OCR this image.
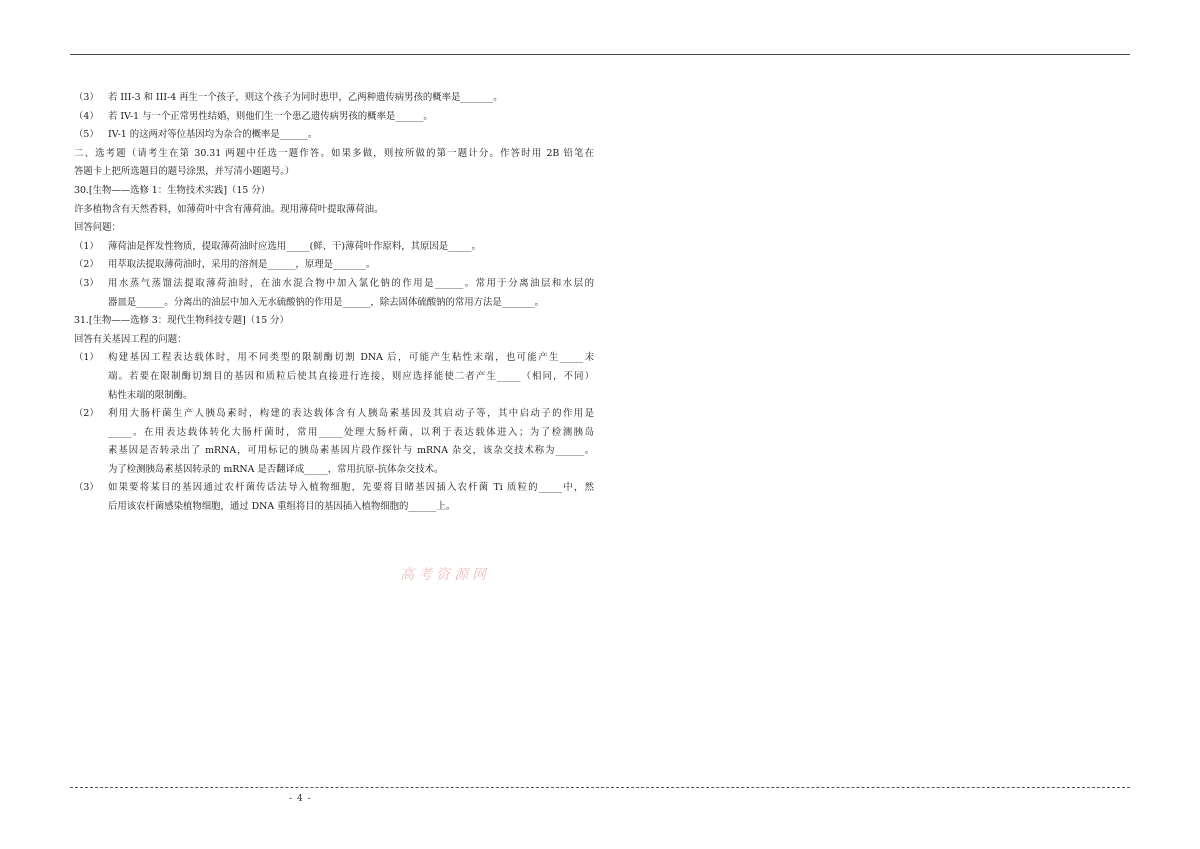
（3） 若 III-3 和 III-4 再生一个孩子，则这个孩子为同时患甲，乙两种遗传病男孩的概率是_______。
（4） 若 IV-1 与一个正常男性结婚，则他们生一个患乙遗传病男孩的概率是______。
（5） IV-1 的这两对等位基因均为杂合的概率是______。
二、选考题（请考生在第 30.31 两题中任选一题作答。如果多做，则按所做的第一题计分。作答时用 2B 铅笔在
答题卡上把所选题目的题号涂黑，并写清小题题号。）
30.[生物——选修 1：生物技术实践]（15 分）
许多植物含有天然香料，如薄荷叶中含有薄荷油。现用薄荷叶提取薄荷油。
回答问题：
（1） 薄荷油是挥发性物质，提取薄荷油时应选用_____(鲜、干)薄荷叶作原料，其原因是_____。
（2） 用萃取法提取薄荷油时，采用的溶剂是______，原理是_______。
（3） 用水蒸气蒸馏法提取薄荷油时，在油水混合物中加入氯化钠的作用是______。常用于分离油层和水层的
器皿是______。分离出的油层中加入无水硫酸钠的作用是______，除去固体硫酸钠的常用方法是_______。
31.[生物——选修 3：现代生物科技专题]（15 分）
回答有关基因工程的问题：
（1） 构建基因工程表达载体时，用不同类型的限制酶切割 DNA 后，可能产生粘性末端，也可能产生_____末
端。若要在限制酶切割目的基因和质粒后使其直接进行连接，则应选择能使二者产生_____（相同，不同）
粘性末端的限制酶。
（2） 利用大肠杆菌生产人胰岛素时，构建的表达载体含有人胰岛素基因及其启动子等，其中启动子的作用是
_____。在用表达载体转化大肠杆菌时，常用_____处理大肠杆菌，以利于表达载体进入；为了检测胰岛
素基因是否转录出了 mRNA，可用标记的胰岛素基因片段作探针与 mRNA 杂交，该杂交技术称为______。
为了检测胰岛素基因转录的 mRNA 是否翻译成_____，常用抗原-抗体杂交技术。
（3） 如果要将某目的基因通过农杆菌传话法导入植物细胞，先要将目睹基因插入农杆菌 Ti 质粒的_____中，然
后用该农杆菌感染植物细胞，通过 DNA 重组将目的基因插入植物细胞的______上。
高考资源网
- 4 -
